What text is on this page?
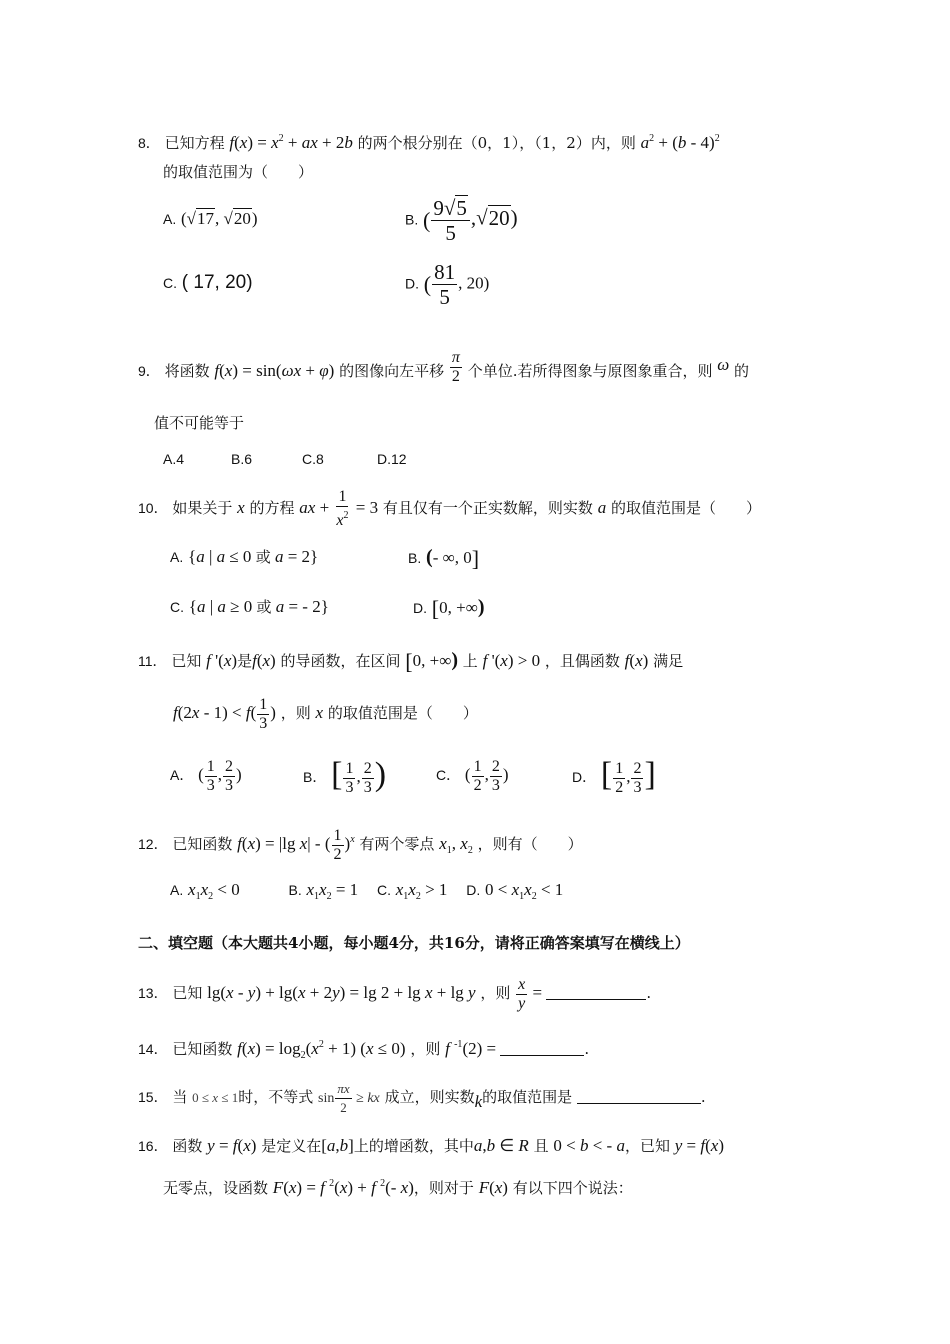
8． 已知方程 $f(x) = x^2$ + ax + 2b 的两个根分别在（0，1），（1，2）内，则 $a^2 + (b - 4)^2$
的取值范围为（　　）
A. (√17, √20)	B. ( $\frac{9√5}{5} ,√20$)
C. ( 17, 20)	D. ( $\frac{81}{5}$ , 20)
9． 将函数 f(x) = sin(ωx + φ) 的图像向左平移 $\frac{\pi}{2}$ 个单位.若所得图象与原图象重合，则 ω 的
值不可能等于
A.4	B.6	C.8	D.12
10． 如果关于 x 的方程 ax + $\frac{1}{x^2} = 3$ 有且仅有一个正实数解，则实数 a 的取值范围是（　　）
A. {a | a ≤ 0 或 a = 2}	B. (- ∞, 0]
C. {a | a ≥ 0 或 a = - 2}	D. [0, +∞)
11． 已知 f '(x)是f(x) 的导函数，在区间 [0, +∞) 上 f '(x) > 0 ，且偶函数 f(x) 满足
$f(2x - 1) < f( \frac{1}{3}$ ) ，则 x 的取值范围是（　　）
A． ( $\frac{1}{3}$ , $\frac{2}{3}$ )	B． [ $\frac{1}{3}$ , $\frac{2}{3}$ )	C． ( $\frac{1}{2}$ , $\frac{2}{3}$ )	D． [ $\frac{1}{2}$ , $\frac{2}{3}$ ]
12． 已知函数 f(x) = |lg x| - ( $\frac{1}{2} )^x$ 有两个零点 $x_1$, $x_2$ ，则有（　　）
A. $x_1x_2 < 0$	B. $x_1x_2 = 1$ C. $x_1x_2 > 1$ D. $0 < x_1x_2 < 1$
二、填空题（本大题共4小题，每小题4分，共16分，请将正确答案填写在横线上）
13． 已知 lg(x - y) + lg(x + 2y) = lg 2 + lg x + lg y ，则 $\frac{x}{y}$ =	.
14． 已知函数 $f(x) = \log_2(x^2 + 1) (x \le 0)$ ，则 f $^{-1}$(2) =	.
15． 当 0 ≤ x ≤ 1时，不等式 $\sin \frac{\pi x}{2}$ ≥ kx 成立，则实数k的取值范围是	.
16． 函数 y = f(x) 是定义在[a,b]上的增函数，其中a,b ∈ R 且 0 < b < - a，已知 y = f(x)
无零点，设函数 F(x) = f $^2$(x) + f $^2$(- x)，则对于 F(x) 有以下四个说法：
